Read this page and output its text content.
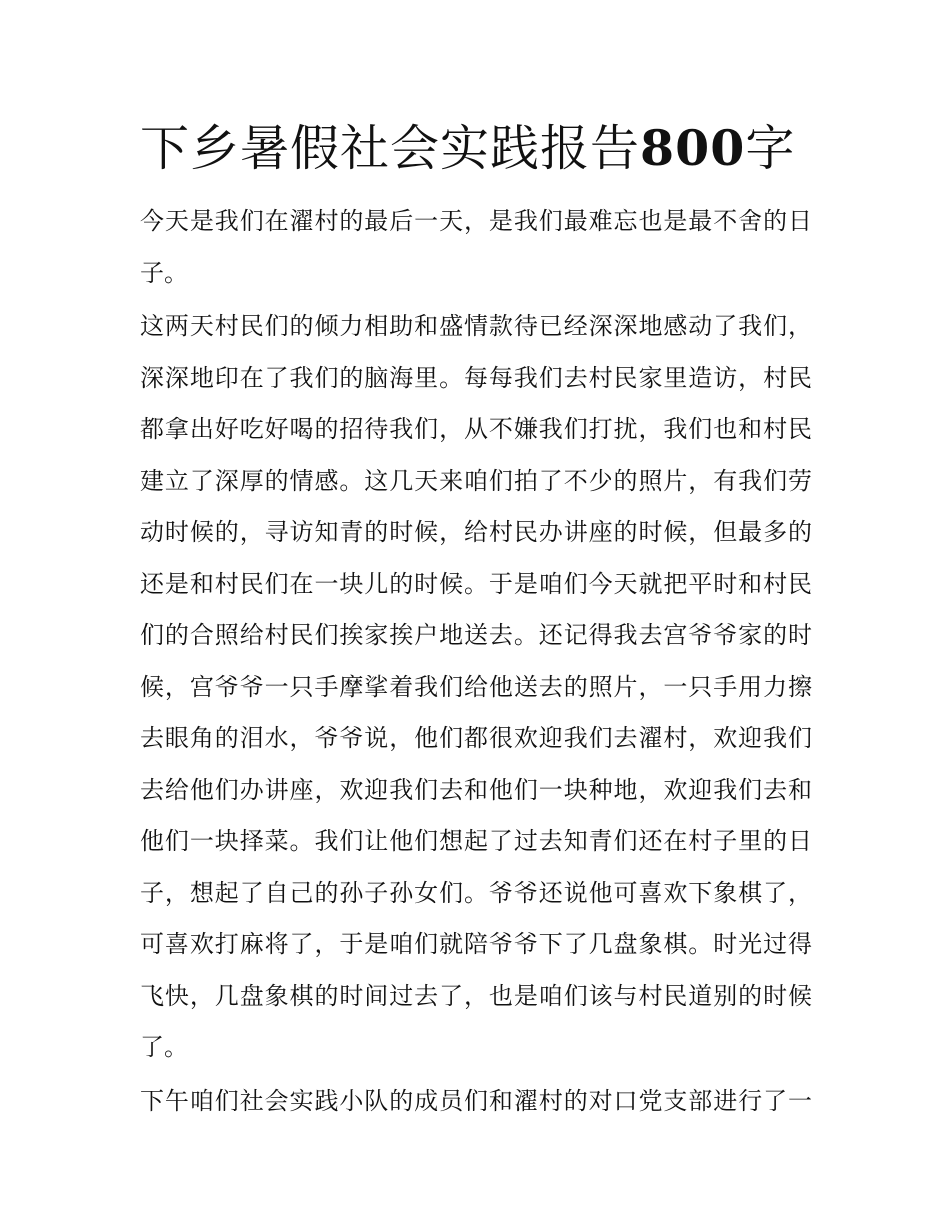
下乡暑假社会实践报告800字

今天是我们在濯村的最后一天，是我们最难忘也是最不舍的日
子。

这两天村民们的倾力相助和盛情款待已经深深地感动了我们，
深深地印在了我们的脑海里。每每我们去村民家里造访，村民
都拿出好吃好喝的招待我们，从不嫌我们打扰，我们也和村民
建立了深厚的情感。这几天来咱们拍了不少的照片，有我们劳
动时候的，寻访知青的时候，给村民办讲座的时候，但最多的
还是和村民们在一块儿的时候。于是咱们今天就把平时和村民
们的合照给村民们挨家挨户地送去。还记得我去宫爷爷家的时
候，宫爷爷一只手摩挲着我们给他送去的照片，一只手用力擦
去眼角的泪水，爷爷说，他们都很欢迎我们去濯村，欢迎我们
去给他们办讲座，欢迎我们去和他们一块种地，欢迎我们去和
他们一块择菜。我们让他们想起了过去知青们还在村子里的日
子，想起了自己的孙子孙女们。爷爷还说他可喜欢下象棋了，
可喜欢打麻将了，于是咱们就陪爷爷下了几盘象棋。时光过得
飞快，几盘象棋的时间过去了，也是咱们该与村民道别的时候
了。

下午咱们社会实践小队的成员们和濯村的对口党支部进行了一
